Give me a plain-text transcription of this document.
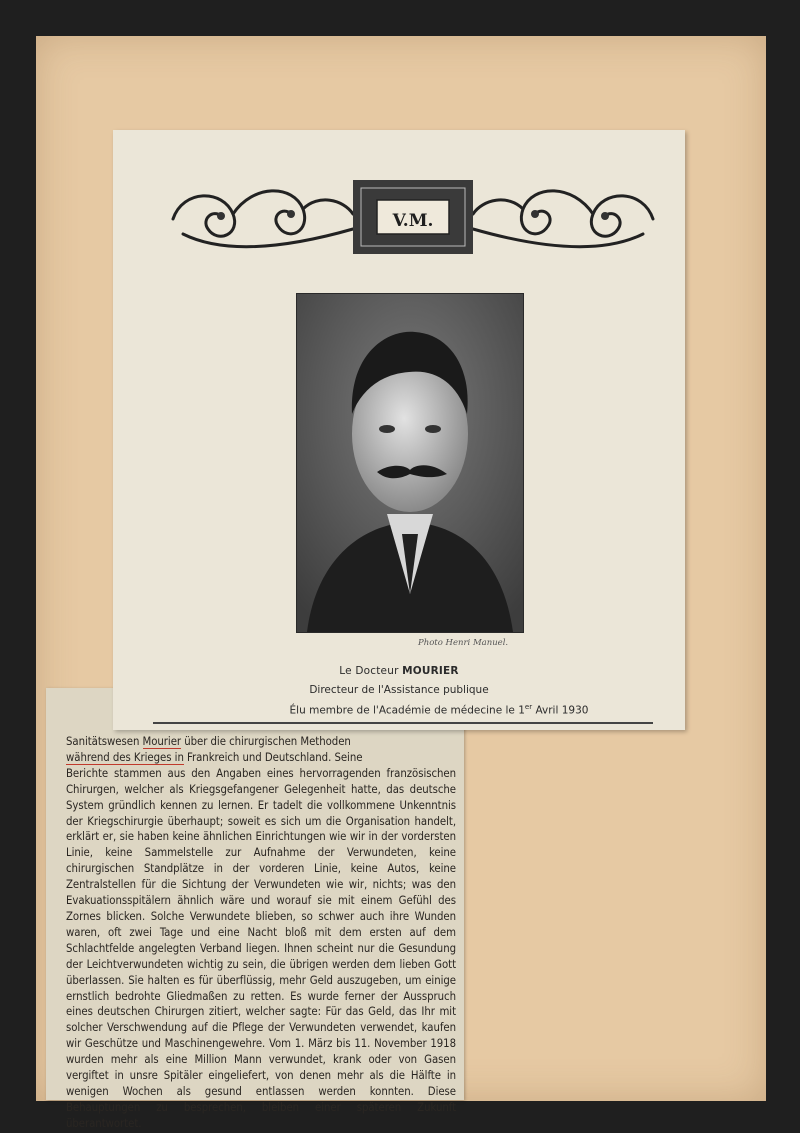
Sanitätswesen Mourier über die chirurgischen Methoden
während des Krieges in Frankreich und Deutschland. Seine
Berichte stammen aus den Angaben eines hervorragenden französischen Chirurgen, welcher als Kriegsgefangener Gelegenheit hatte, das deutsche System gründlich kennen zu lernen. Er tadelt die vollkommene Unkenntnis der Kriegschirurgie überhaupt; soweit es sich um die Organisation handelt, erklärt er, sie haben keine ähnlichen Einrichtungen wie wir in der vordersten Linie, keine Sammelstelle zur Aufnahme der Verwundeten, keine chirurgischen Standplätze in der vorderen Linie, keine Autos, keine Zentralstellen für die Sichtung der Verwundeten wie wir, nichts; was den Evakuationsspitälern ähnlich wäre und worauf sie mit einem Gefühl des Zornes blicken. Solche Verwundete blieben, so schwer auch ihre Wunden waren, oft zwei Tage und eine Nacht bloß mit dem ersten auf dem Schlachtfelde angelegten Verband liegen. Ihnen scheint nur die Gesundung der Leichtverwundeten wichtig zu sein, die übrigen werden dem lieben Gott überlassen. Sie halten es für überflüssig, mehr Geld auszugeben, um einige ernstlich bedrohte Gliedmaßen zu retten. Es wurde ferner der Ausspruch eines deutschen Chirurgen zitiert, welcher sagte: Für das Geld, das Ihr mit solcher Verschwendung auf die Pflege der Verwundeten verwendet, kaufen wir Geschütze und Maschinengewehre. Vom 1. März bis 11. November 1918 wurden mehr als eine Million Mann verwundet, krank oder von Gasen vergiftet in unsre Spitäler eingeliefert, von denen mehr als die Hälfte in wenigen Wochen als gesund entlassen werden konnten. Diese Behauptungen zu besprechen, bleiben einer späteren Zukunft überantwortet.
V.M.
Photo Henri Manuel.
Le Docteur MOURIER
Directeur de l'Assistance publique
Élu membre de l'Académie de médecine le 1er Avril 1930
